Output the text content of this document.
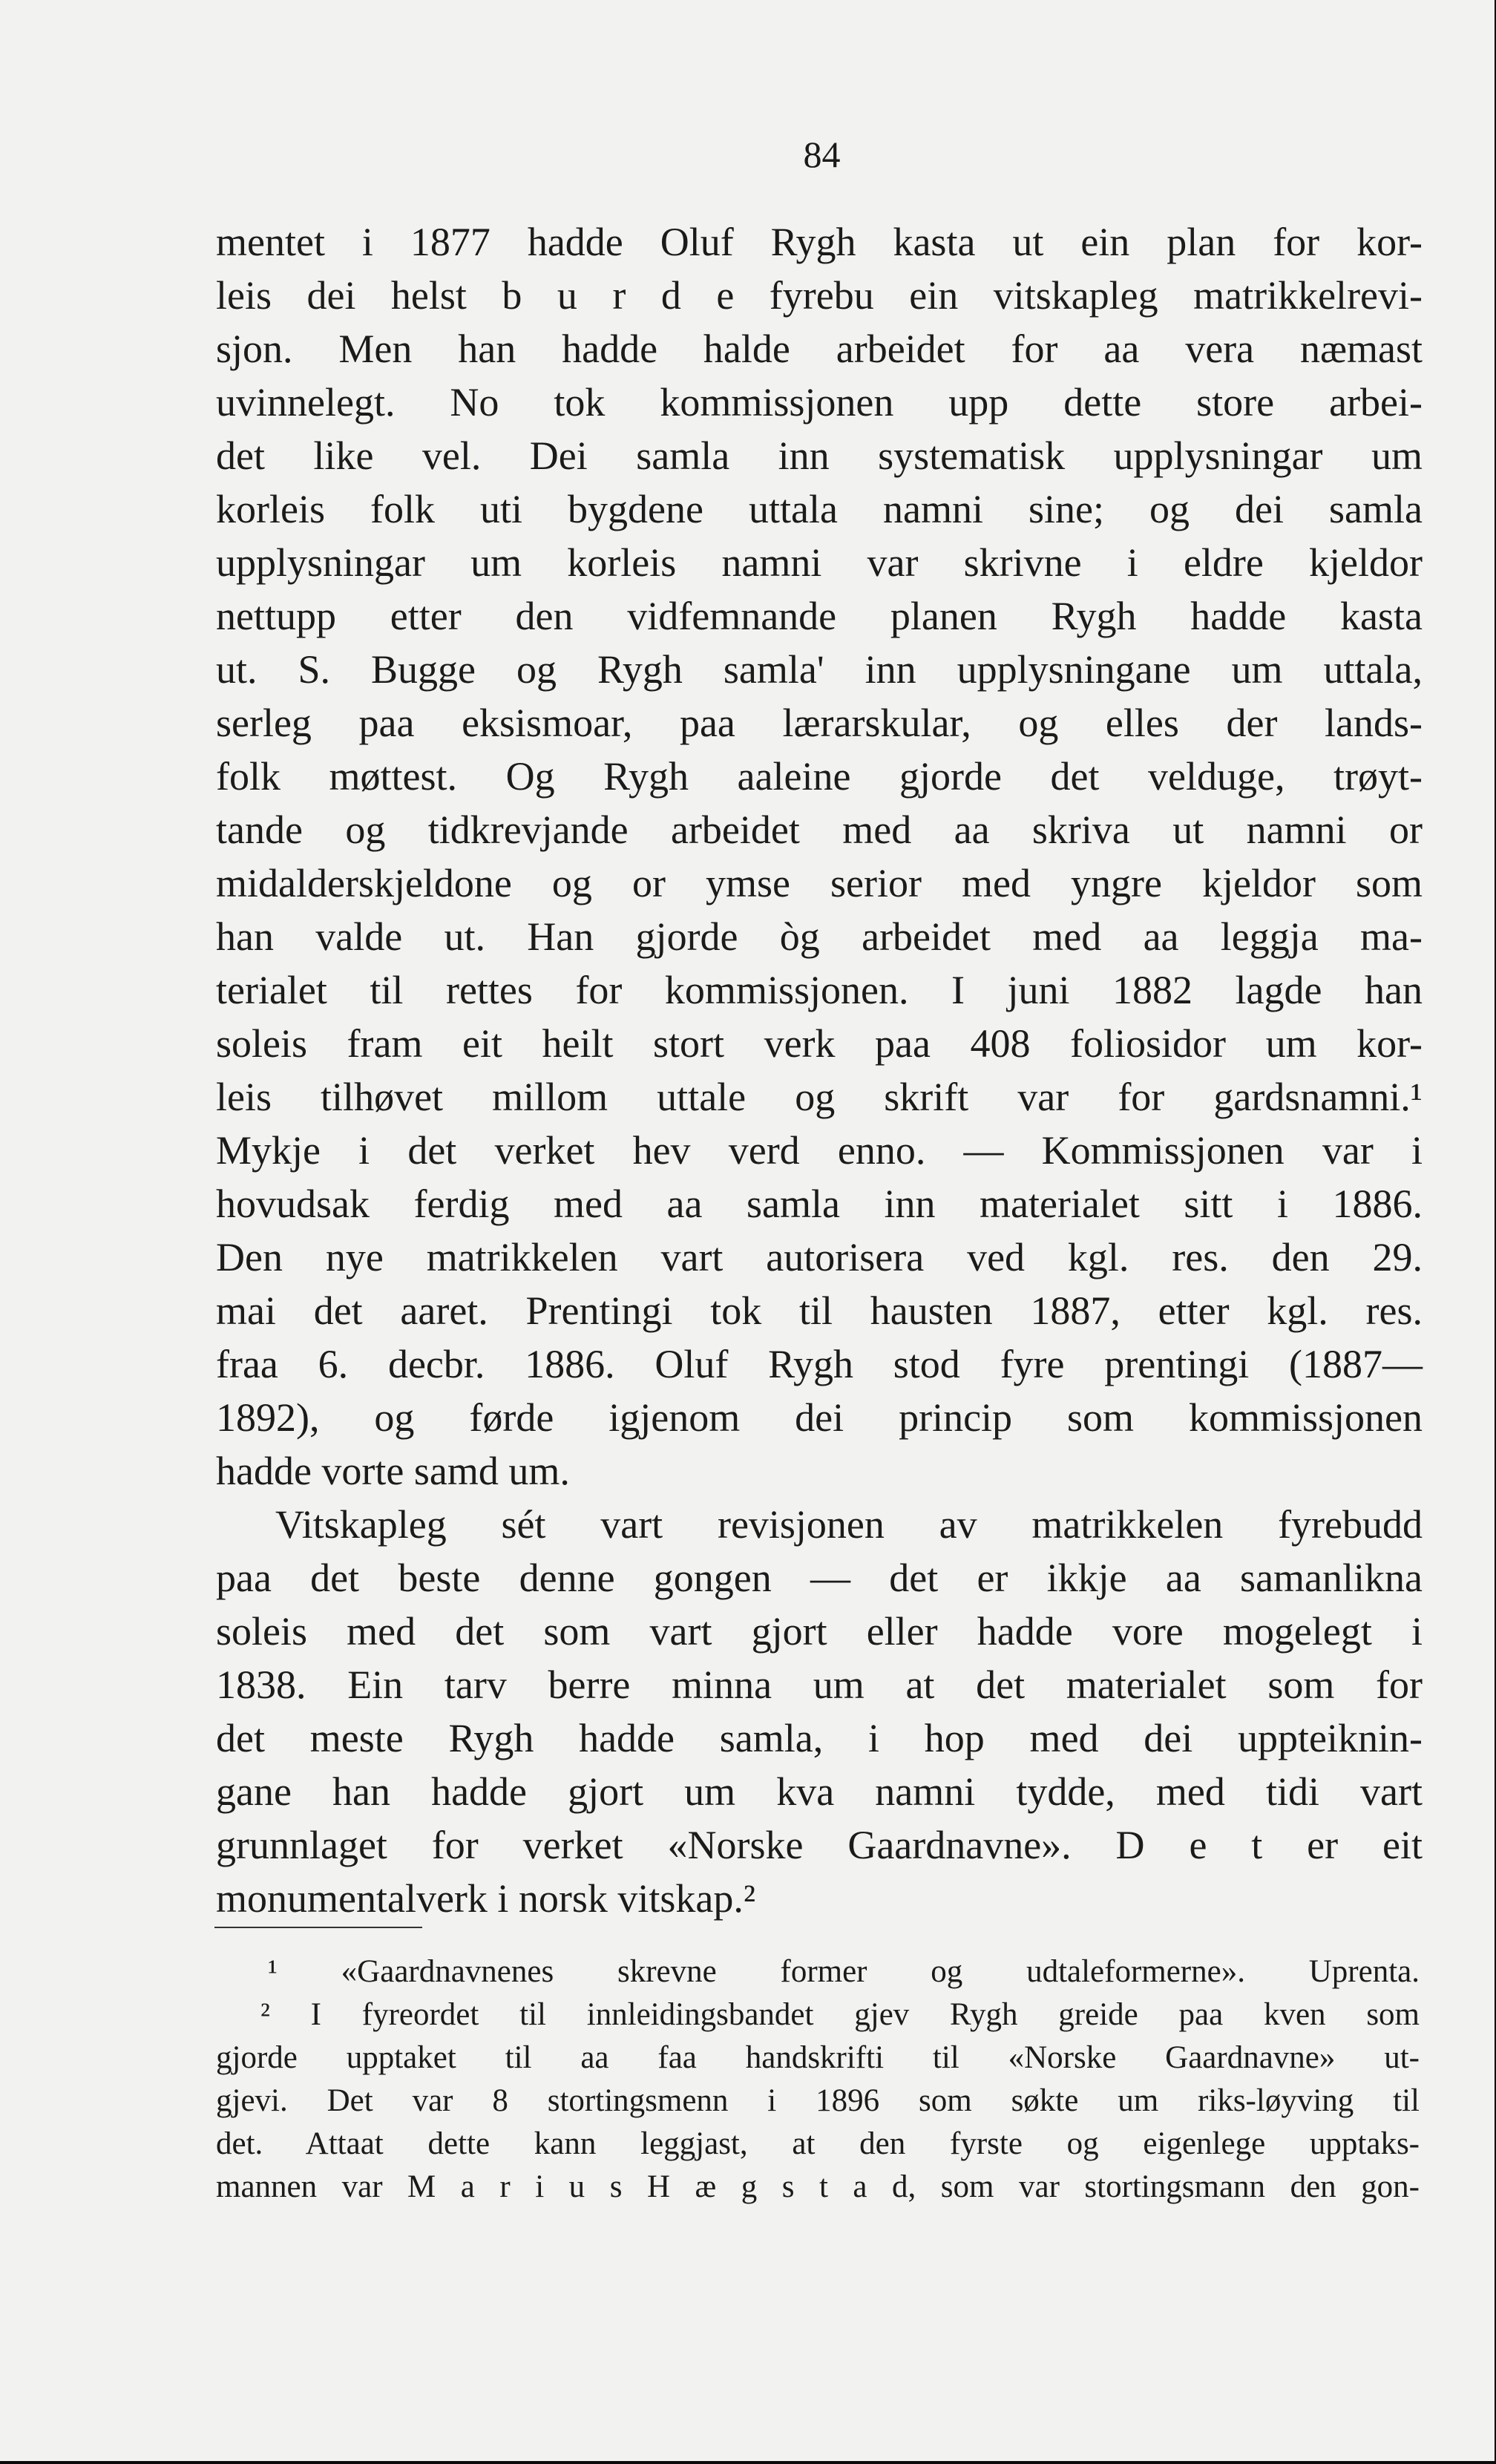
84
mentet i 1877 hadde Oluf Rygh kasta ut ein plan for kor-
leis dei helst b u r d e fyrebu ein vitskapleg matrikkelrevi-
sjon. Men han hadde halde arbeidet for aa vera næmast
uvinnelegt. No tok kommissjonen upp dette store arbei-
det like vel. Dei samla inn systematisk upplysningar um
korleis folk uti bygdene uttala namni sine; og dei samla
upplysningar um korleis namni var skrivne i eldre kjeldor
nettupp etter den vidfemnande planen Rygh hadde kasta
ut. S. Bugge og Rygh samla' inn upplysningane um uttala,
serleg paa eksismoar, paa lærarskular, og elles der lands-
folk møttest. Og Rygh aaleine gjorde det velduge, trøyt-
tande og tidkrevjande arbeidet med aa skriva ut namni or
midalderskjeldone og or ymse serior med yngre kjeldor som
han valde ut. Han gjorde òg arbeidet med aa leggja ma-
terialet til rettes for kommissjonen. I juni 1882 lagde han
soleis fram eit heilt stort verk paa 408 foliosidor um kor-
leis tilhøvet millom uttale og skrift var for gardsnamni.¹
Mykje i det verket hev verd enno. — Kommissjonen var i
hovudsak ferdig med aa samla inn materialet sitt i 1886.
Den nye matrikkelen vart autorisera ved kgl. res. den 29.
mai det aaret. Prentingi tok til hausten 1887, etter kgl. res.
fraa 6. decbr. 1886. Oluf Rygh stod fyre prentingi (1887—
1892), og førde igjenom dei princip som kommissjonen
hadde vorte samd um.
Vitskapleg sét vart revisjonen av matrikkelen fyrebudd
paa det beste denne gongen — det er ikkje aa samanlikna
soleis med det som vart gjort eller hadde vore mogelegt i
1838. Ein tarv berre minna um at det materialet som for
det meste Rygh hadde samla, i hop med dei uppteiknin-
gane han hadde gjort um kva namni tydde, med tidi vart
grunnlaget for verket «Norske Gaardnavne». D e t er eit
monumentalverk i norsk vitskap.²
¹ «Gaardnavnenes skrevne former og udtaleformerne». Uprenta.
² I fyreordet til innleidingsbandet gjev Rygh greide paa kven som
gjorde upptaket til aa faa handskrifti til «Norske Gaardnavne» ut-
gjevi. Det var 8 stortingsmenn i 1896 som søkte um riks-løyving til
det. Attaat dette kann leggjast, at den fyrste og eigenlege upptaks-
mannen var M a r i u s H æ g s t a d, som var stortingsmann den gon-
